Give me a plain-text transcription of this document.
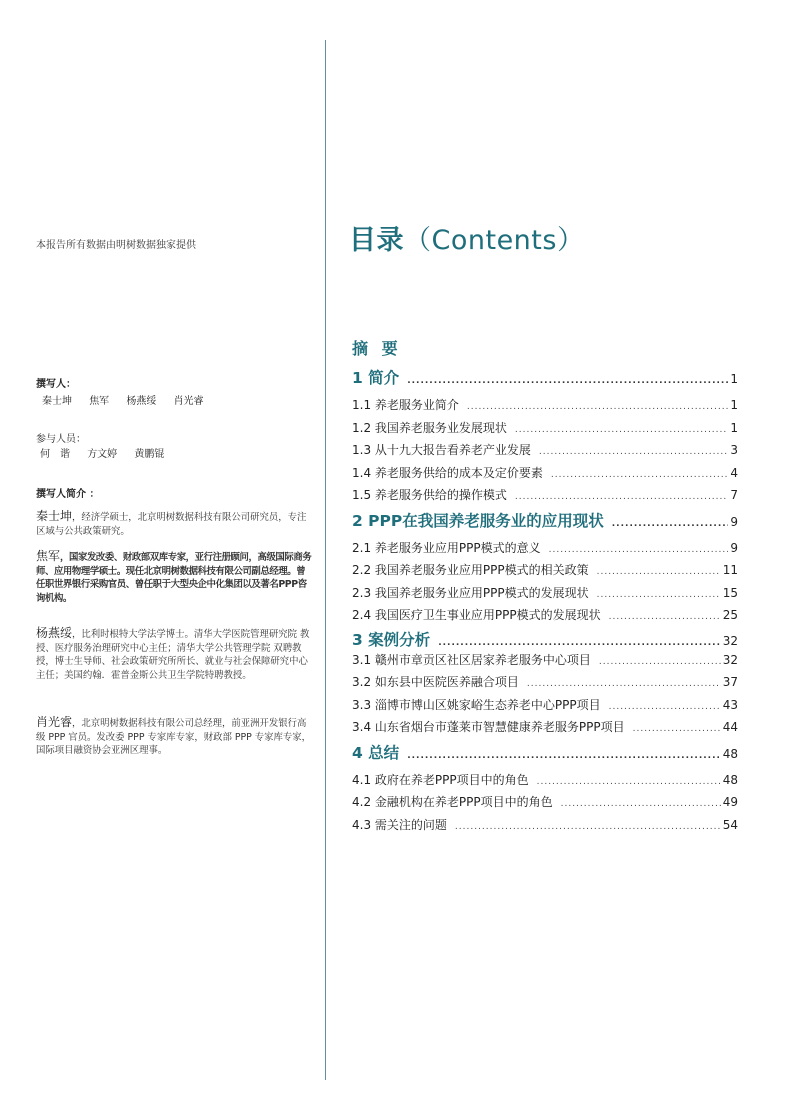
本报告所有数据由明树数据独家提供
撰写人：
秦士坤 焦军 杨燕绥 肖光睿
参与人员：
何　谐 方文婷 黄鹏锟
撰写人简介 ：
秦士坤，经济学硕士，北京明树数据科技有限公司研究员，专注区域与公共政策研究。
焦军，国家发改委、财政部双库专家，亚行注册顾问，高级国际商务师、应用物理学硕士。现任北京明树数据科技有限公司副总经理。曾任职世界银行采购官员、曾任职于大型央企中化集团以及著名PPP咨询机构。
杨燕绥，比利时根特大学法学博士。清华大学医院管理研究院 教授、医疗服务治理研究中心主任；清华大学公共管理学院 双聘教授，博士生导师、社会政策研究所所长、就业与社会保障研究中心主任；美国约翰．霍普金斯公共卫生学院特聘教授。
肖光睿，北京明树数据科技有限公司总经理，前亚洲开发银行高级 PPP 官员。发改委 PPP 专家库专家，财政部 PPP 专家库专家，国际项目融资协会亚洲区理事。
目录（Contents）
摘 要
1 简介 .....	1
1.1 养老服务业简介 .....	1
1.2 我国养老服务业发展现状 .....	1
1.3 从十九大报告看养老产业发展 .....	3
1.4 养老服务供给的成本及定价要素 .....	4
1.5 养老服务供给的操作模式 .....	7
2 PPP在我国养老服务业的应用现状 .....	9
2.1 养老服务业应用PPP模式的意义 .....	9
2.2 我国养老服务业应用PPP模式的相关政策 .....	11
2.3 我国养老服务业应用PPP模式的发展现状 .....	15
2.4 我国医疗卫生事业应用PPP模式的发展现状 .....	25
3 案例分析 .....	32
3.1 赣州市章贡区社区居家养老服务中心项目 .....	32
3.2 如东县中医院医养融合项目 .....	37
3.3 淄博市博山区姚家峪生态养老中心PPP项目 .....	43
3.4 山东省烟台市蓬莱市智慧健康养老服务PPP项目 .....	44
4 总结 .....	48
4.1 政府在养老PPP项目中的角色 .....	48
4.2 金融机构在养老PPP项目中的角色 .....	49
4.3 需关注的问题 .....	54
